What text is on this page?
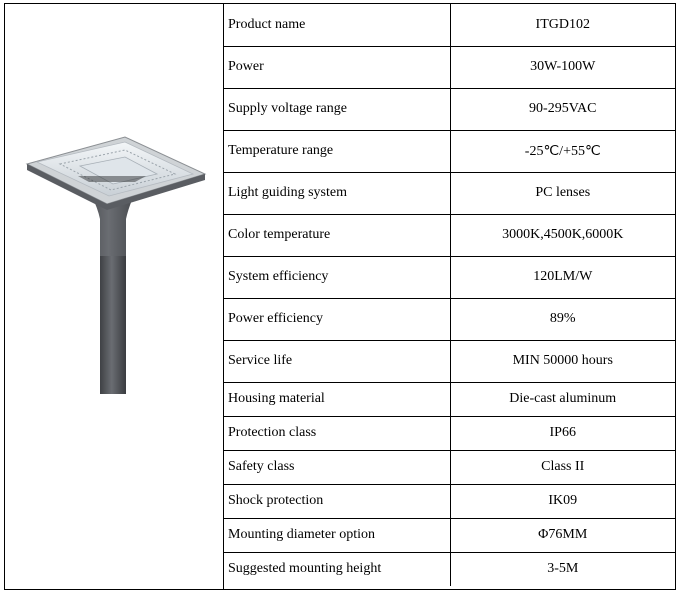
Product name	ITGD102
Power	30W-100W
Supply voltage range	90-295VAC
Temperature range	-25℃/+55℃
Light guiding system	PC lenses
Color temperature	3000K,4500K,6000K
System efficiency	120LM/W
Power efficiency	89%
Service life	MIN 50000 hours
Housing material	Die-cast aluminum
Protection class	IP66
Safety class	Class II
Shock protection	IK09
Mounting diameter option	Φ76MM
Suggested mounting height	3-5M
